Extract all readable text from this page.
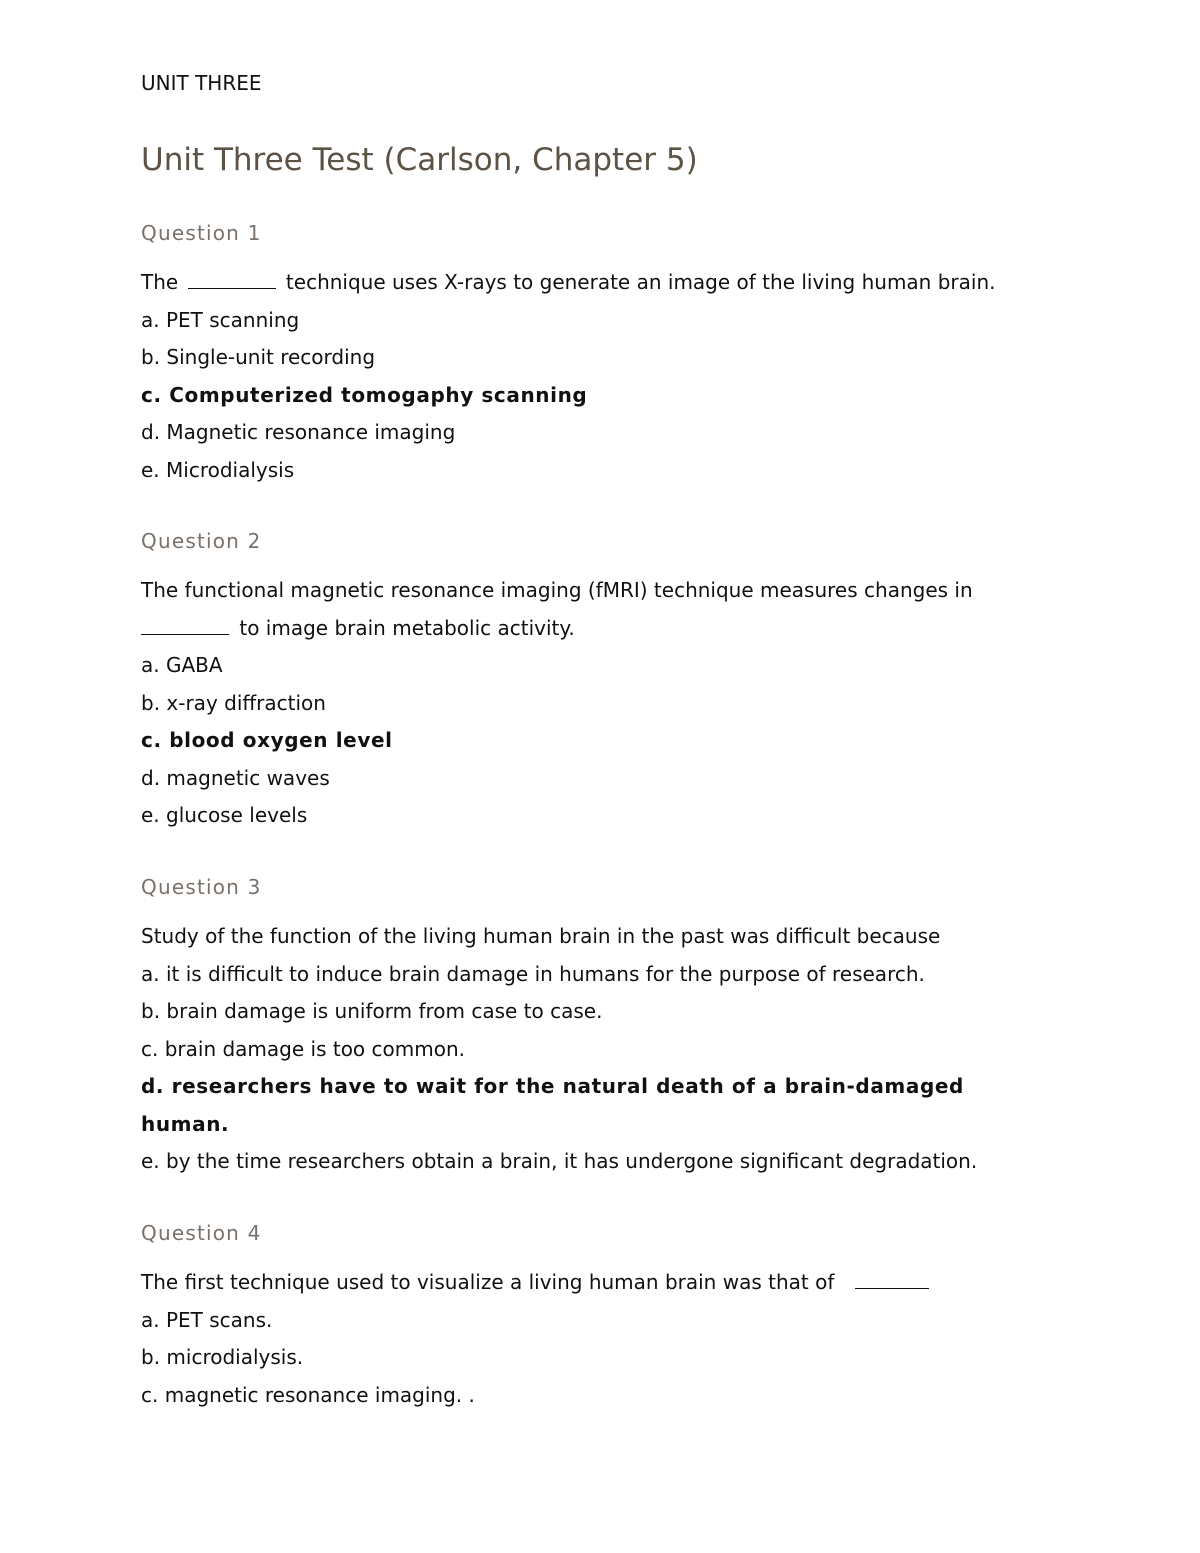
UNIT THREE
Unit Three Test (Carlson, Chapter 5)
Question 1

The	technique uses X-rays to generate an image of the living human brain.

a. PET scanning

b. Single-unit recording

c. Computerized tomogaphy scanning

d. Magnetic resonance imaging

e. Microdialysis

Question 2

The functional magnetic resonance imaging (fMRI) technique measures changes in
to image brain metabolic activity.

a. GABA

b. x-ray diffraction

c. blood oxygen level

d. magnetic waves

e. glucose levels

Question 3

Study of the function of the living human brain in the past was difficult because

a. it is difficult to induce brain damage in humans for the purpose of research.

b. brain damage is uniform from case to case.

c. brain damage is too common.

d. researchers have to wait for the natural death of a brain-damaged human.

e. by the time researchers obtain a brain, it has undergone significant degradation.

Question 4

The first technique used to visualize a living human brain was that of

a. PET scans.

b. microdialysis.

c. magnetic resonance imaging. .
